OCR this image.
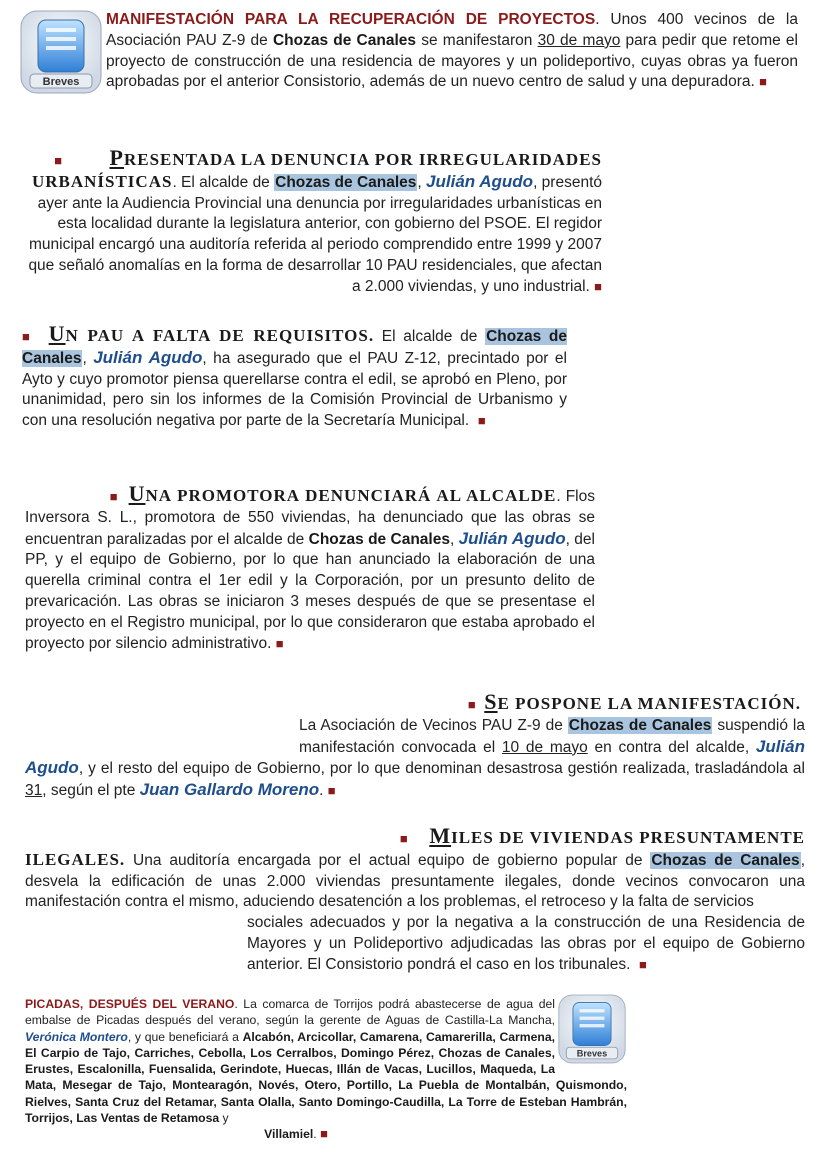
Breves
MANIFESTACIÓN PARA LA RECUPERACIÓN DE PROYECTOS. Unos 400 vecinos de la Asociación PAU Z-9 de Chozas de Canales se manifestaron 30 de mayo para pedir que retome el proyecto de construcción de una residencia de mayores y un polideportivo, cuyas obras ya fueron aprobadas por el anterior Consistorio, además de un nuevo centro de salud y una depuradora. ■
■ PRESENTADA LA DENUNCIA POR IRREGULARIDADES URBANÍSTICAS. El alcalde de Chozas de Canales, Julián Agudo, presentó ayer ante la Audiencia Provincial una denuncia por irregularidades urbanísticas en esta localidad durante la legislatura anterior, con gobierno del PSOE. El regidor municipal encargó una auditoría referida al periodo comprendido entre 1999 y 2007 que señaló anomalías en la forma de desarrollar 10 PAU residenciales, que afectan a 2.000 viviendas, y uno industrial. ■
■ UN PAU A FALTA DE REQUISITOS. El alcalde de Chozas de Canales, Julián Agudo, ha asegurado que el PAU Z-12, precintado por el Ayto y cuyo promotor piensa querellarse contra el edil, se aprobó en Pleno, por unanimidad, pero sin los informes de la Comisión Provincial de Urbanismo y con una resolución negativa por parte de la Secretaría Municipal. ■
■ UNA PROMOTORA DENUNCIARÁ AL ALCALDE. Flos Inversora S. L., promotora de 550 viviendas, ha denunciado que las obras se encuentran paralizadas por el alcalde de Chozas de Canales, Julián Agudo, del PP, y el equipo de Gobierno, por lo que han anunciado la elaboración de una querella criminal contra el 1er edil y la Corporación, por un presunto delito de prevaricación. Las obras se iniciaron 3 meses después de que se presentase el proyecto en el Registro municipal, por lo que consideraron que estaba aprobado el proyecto por silencio administrativo. ■
■ SE POSPONE LA MANIFESTACIÓN.
La Asociación de Vecinos PAU Z-9 de Chozas de Canales suspendió la manifestación convocada el 10 de mayo en contra del alcalde, Julián Agudo, y el resto del equipo de Gobierno, por lo que denominan desastrosa gestión realizada, trasladándola al 31, según el pte Juan Gallardo Moreno. ■
■ MILES DE VIVIENDAS PRESUNTAMENTE
ILEGALES. Una auditoría encargada por el actual equipo de gobierno popular de Chozas de Canales, desvela la edificación de unas 2.000 viviendas presuntamente ilegales, donde vecinos convocaron una manifestación contra el mismo, aduciendo desatención a los problemas, el retroceso y la falta de servicios
sociales adecuados y por la negativa a la construcción de una Residencia de Mayores y un Polideportivo adjudicadas las obras por el equipo de Gobierno anterior. El Consistorio pondrá el caso en los tribunales. ■
Breves
PICADAS, DESPUÉS DEL VERANO. La comarca de Torrijos podrá abastecerse de agua del embalse de Picadas después del verano, según la gerente de Aguas de Castilla-La Mancha, Verónica Montero, y que beneficiará a Alcabón, Arcicollar, Camarena, Camarerilla, Carmena, El Carpio de Tajo, Carriches, Cebolla, Los Cerralbos, Domingo Pérez, Chozas de Canales, Erustes, Escalonilla, Fuensalida, Gerindote, Huecas, Illán de Vacas, Lucillos, Maqueda, La Mata, Mesegar de Tajo, Montearagón, Novés, Otero, Portillo, La Puebla de Montalbán, Quismondo, Rielves, Santa Cruz del Retamar, Santa Olalla, Santo Domingo-Caudilla, La Torre de Esteban Hambrán, Torrijos, Las Ventas de Retamosa y
Villamiel. ■
